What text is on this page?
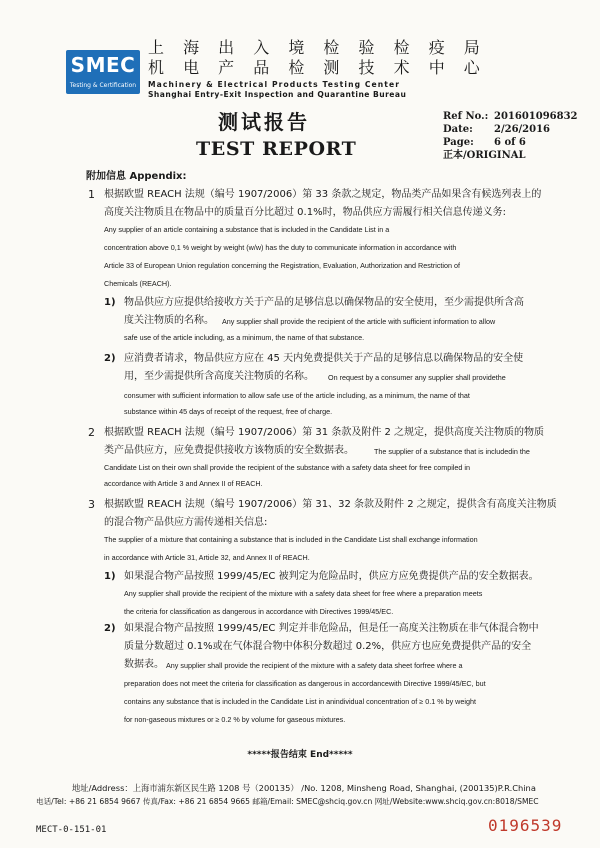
SMEC
Testing & Certification
上 海 出 入 境 检 验 检 疫 局
机 电 产 品 检 测 技 术 中 心
Machinery & Electrical Products Testing Center
Shanghai Entry-Exit Inspection and Quarantine Bureau
测试报告
TEST REPORT
Ref No.: 201601096832
Date: 2/26/2016
Page: 6 of 6
正本/ORIGINAL
附加信息 Appendix:
1 根据欧盟 REACH 法规（编号 1907/2006）第 33 条款之规定，物品类产品如果含有候选列表上的
高度关注物质且在物品中的质量百分比超过 0.1%时，物品供应方需履行相关信息传递义务:
Any supplier of an article containing a substance that is included in the Candidate List in a
concentration above 0,1 % weight by weight (w/w) has the duty to communicate information in accordance with
Article 33 of European Union regulation concerning the Registration, Evaluation, Authorization and Restriction of
Chemicals (REACH).
1) 物品供应方应提供给接收方关于产品的足够信息以确保物品的安全使用，至少需提供所含高
度关注物质的名称。 Any supplier shall provide the recipient of the article with sufficient information to allow
safe use of the article including, as a minimum, the name of that substance.
2) 应消费者请求，物品供应方应在 45 天内免费提供关于产品的足够信息以确保物品的安全使
用，至少需提供所含高度关注物质的名称。 On request by a consumer any supplier shall providethe
consumer with sufficient information to allow safe use of the article including, as a minimum, the name of that
substance within 45 days of receipt of the request, free of charge.
2 根据欧盟 REACH 法规（编号 1907/2006）第 31 条款及附件 2 之规定，提供高度关注物质的物质
类产品供应方，应免费提供接收方该物质的安全数据表。	The supplier of a substance that is includedin the
Candidate List on their own shall provide the recipient of the substance with a safety data sheet for free compiled in
accordance with Article 3 and Annex II of REACH.
3 根据欧盟 REACH 法规（编号 1907/2006）第 31、32 条款及附件 2 之规定，提供含有高度关注物质
的混合物产品供应方需传递相关信息:
The supplier of a mixture that containing a substance that is included in the Candidate List shall exchange information
in accordance with Article 31, Article 32, and Annex II of REACH.
1) 如果混合物产品按照 1999/45/EC 被判定为危险品时，供应方应免费提供产品的安全数据表。
Any supplier shall provide the recipient of the mixture with a safety data sheet for free where a preparation meets
the criteria for classification as dangerous in accordance with Directives 1999/45/EC.
2) 如果混合物产品按照 1999/45/EC 判定并非危险品，但是任一高度关注物质在非气体混合物中
质量分数超过 0.1%或在气体混合物中体积分数超过 0.2%，供应方也应免费提供产品的安全
数据表。 Any supplier shall provide the recipient of the mixture with a safety data sheet forfree where a
preparation does not meet the criteria for classification as dangerous in accordancewith Directive 1999/45/EC, but
contains any substance that is included in the Candidate List in anindividual concentration of ≥ 0.1 % by weight
for non-gaseous mixtures or ≥ 0.2 % by volume for gaseous mixtures.
*****报告结束 End*****
地址/Address：上海市浦东新区民生路 1208 号（200135） /No. 1208, Minsheng Road, Shanghai, (200135)P.R.China
电话/Tel: +86 21 6854 9667 传真/Fax: +86 21 6854 9665 邮箱/Email: SMEC@shciq.gov.cn 网址/Website:www.shciq.gov.cn:8018/SMEC
MECT-0-151-01	0196539
